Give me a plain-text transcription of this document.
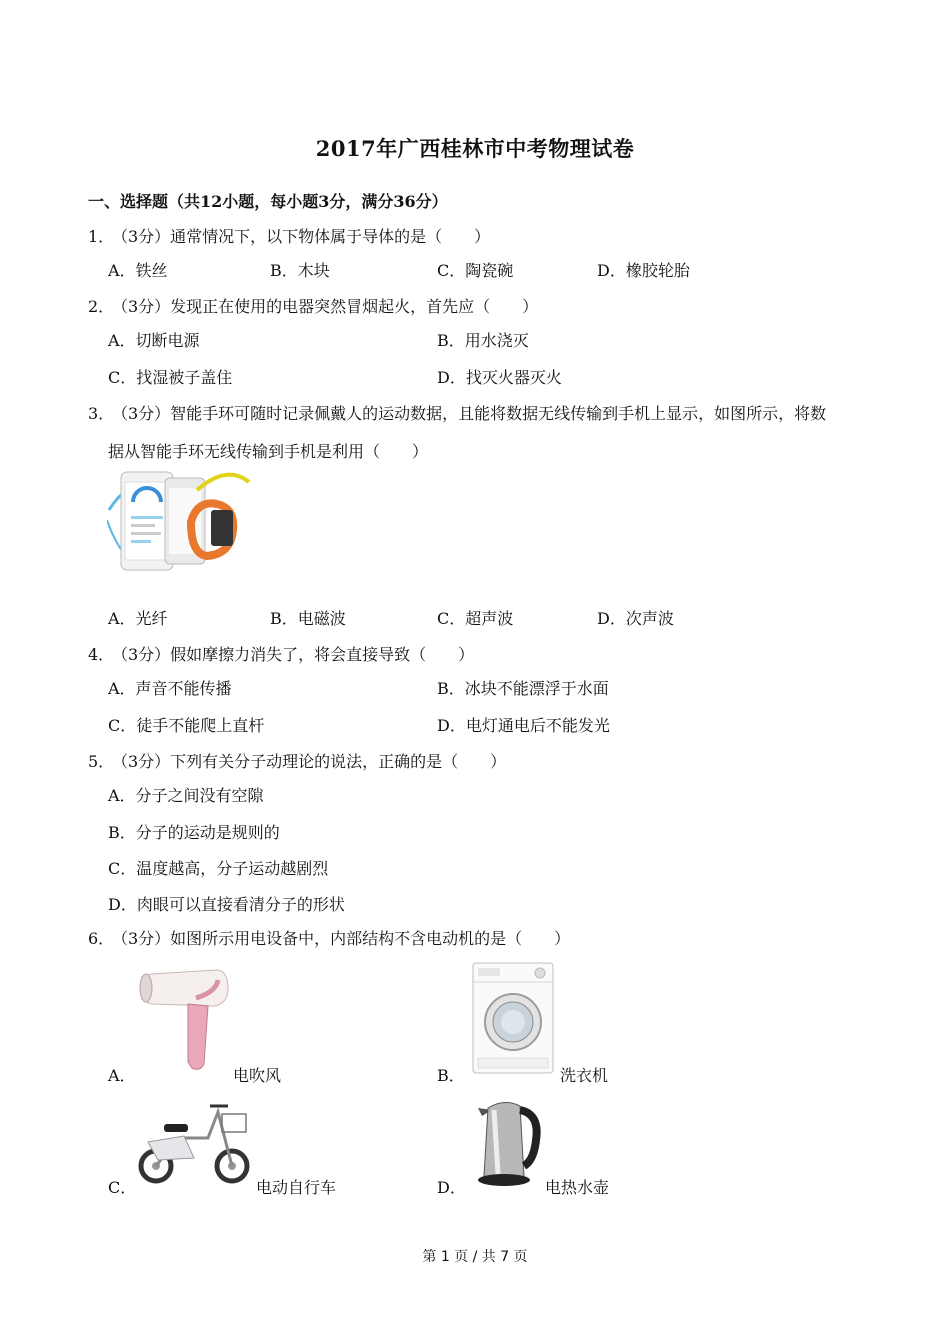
2017年广西桂林市中考物理试卷
一、选择题（共12小题，每小题3分，满分36分）
1．（3分）通常情况下，以下物体属于导体的是（　　）
A．铁丝	B．木块	C．陶瓷碗	D．橡胶轮胎
2．（3分）发现正在使用的电器突然冒烟起火，首先应（　　）
A．切断电源	B．用水浇灭
C．找湿被子盖住	D．找灭火器灭火
3．（3分）智能手环可随时记录佩戴人的运动数据，且能将数据无线传输到手机上显示，如图所示，将数
据从智能手环无线传输到手机是利用（　　）
A．光纤	B．电磁波	C．超声波	D．次声波
4．（3分）假如摩擦力消失了，将会直接导致（　　）
A．声音不能传播	B．冰块不能漂浮于水面
C．徒手不能爬上直杆	D．电灯通电后不能发光
5．（3分）下列有关分子动理论的说法，正确的是（　　）
A．分子之间没有空隙
B．分子的运动是规则的
C．温度越高，分子运动越剧烈
D．肉眼可以直接看清分子的形状
6．（3分）如图所示用电设备中，内部结构不含电动机的是（　　）
A．	电吹风	B．	洗衣机
C．	电动自行车	D．	电热水壶
第 1 页 / 共 7 页
